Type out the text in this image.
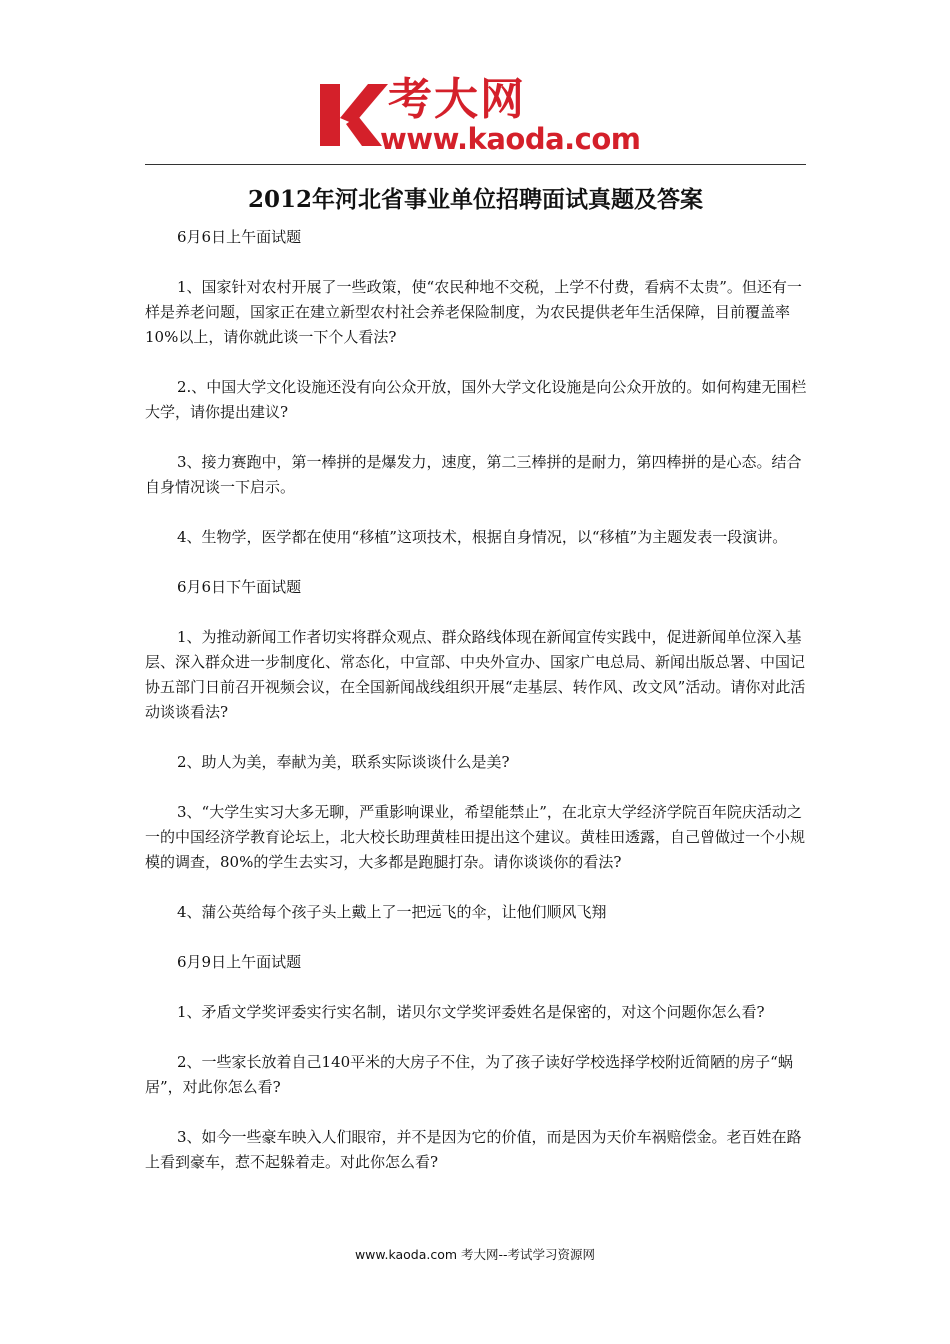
考大网
www.kaoda.com
2012年河北省事业单位招聘面试真题及答案

6月6日上午面试题

1、国家针对农村开展了一些政策，使“农民种地不交税，上学不付费，看病不太贵”。但还有一样是养老问题，国家正在建立新型农村社会养老保险制度，为农民提供老年生活保障，目前覆盖率10%以上，请你就此谈一下个人看法?

2.、中国大学文化设施还没有向公众开放，国外大学文化设施是向公众开放的。如何构建无围栏大学，请你提出建议?

3、接力赛跑中，第一棒拼的是爆发力，速度，第二三棒拼的是耐力，第四棒拼的是心态。结合自身情况谈一下启示。

4、生物学，医学都在使用“移植”这项技术，根据自身情况，以“移植”为主题发表一段演讲。

6月6日下午面试题

1、为推动新闻工作者切实将群众观点、群众路线体现在新闻宣传实践中，促进新闻单位深入基层、深入群众进一步制度化、常态化，中宣部、中央外宣办、国家广电总局、新闻出版总署、中国记协五部门日前召开视频会议，在全国新闻战线组织开展“走基层、转作风、改文风”活动。请你对此活动谈谈看法?

2、助人为美，奉献为美，联系实际谈谈什么是美?

3、“大学生实习大多无聊，严重影响课业，希望能禁止”，在北京大学经济学院百年院庆活动之一的中国经济学教育论坛上，北大校长助理黄桂田提出这个建议。黄桂田透露，自己曾做过一个小规模的调查，80%的学生去实习，大多都是跑腿打杂。请你谈谈你的看法?

4、蒲公英给每个孩子头上戴上了一把远飞的伞，让他们顺风飞翔

6月9日上午面试题

1、矛盾文学奖评委实行实名制，诺贝尔文学奖评委姓名是保密的，对这个问题你怎么看?

2、一些家长放着自己140平米的大房子不住，为了孩子读好学校选择学校附近简陋的房子“蜗居”，对此你怎么看?

3、如今一些豪车映入人们眼帘，并不是因为它的价值，而是因为天价车祸赔偿金。老百姓在路上看到豪车，惹不起躲着走。对此你怎么看?

www.kaoda.com 考大网--考试学习资源网
